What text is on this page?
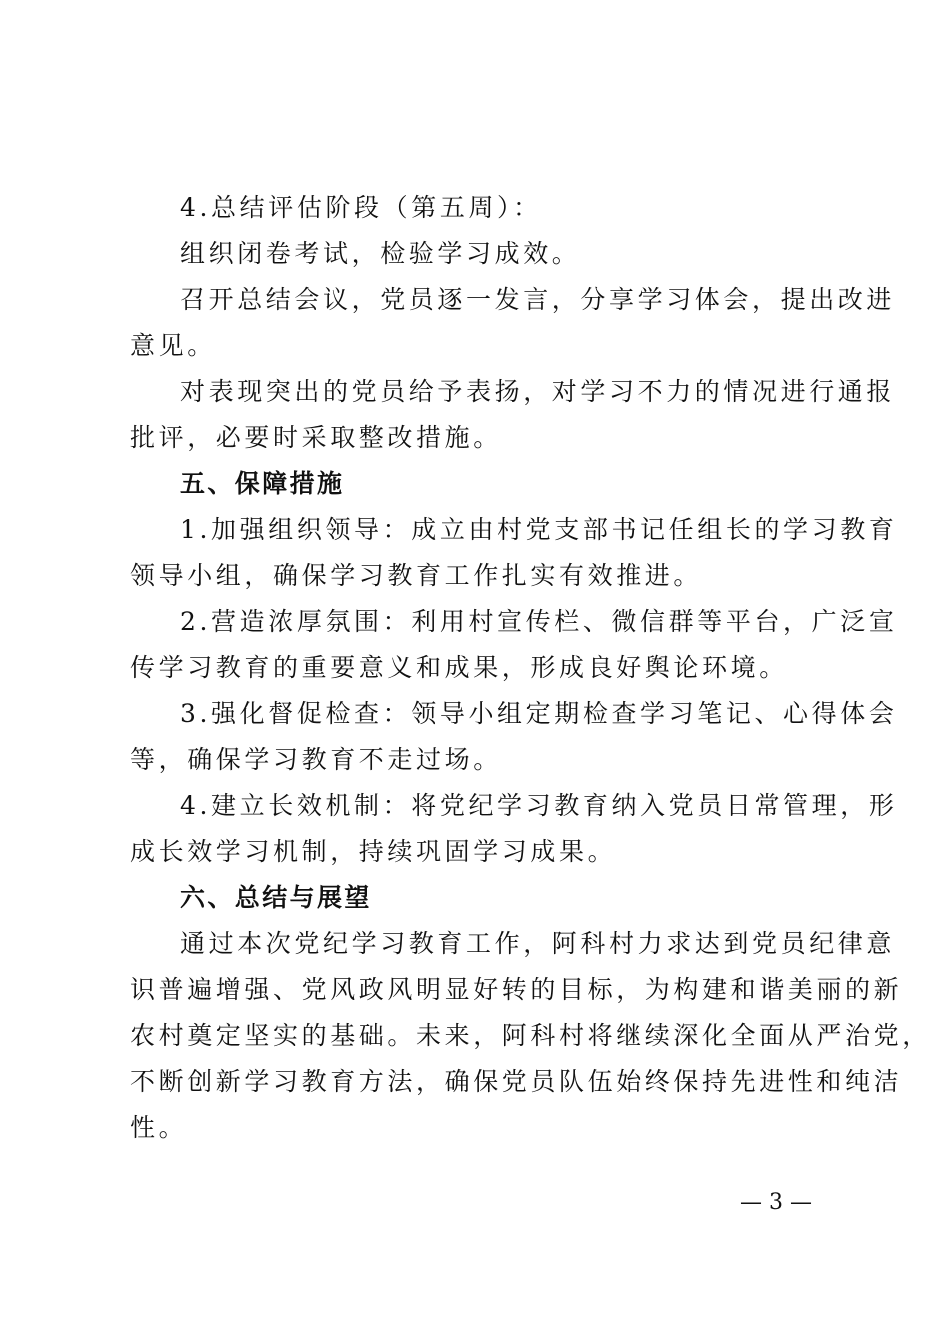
4.总结评估阶段（第五周）：
组织闭卷考试，检验学习成效。
召开总结会议，党员逐一发言，分享学习体会，提出改进
意见。
对表现突出的党员给予表扬，对学习不力的情况进行通报
批评，必要时采取整改措施。
五、保障措施
1.加强组织领导：成立由村党支部书记任组长的学习教育
领导小组，确保学习教育工作扎实有效推进。
2.营造浓厚氛围：利用村宣传栏、微信群等平台，广泛宣
传学习教育的重要意义和成果，形成良好舆论环境。
3.强化督促检查：领导小组定期检查学习笔记、心得体会
等，确保学习教育不走过场。
4.建立长效机制：将党纪学习教育纳入党员日常管理，形
成长效学习机制，持续巩固学习成果。
六、总结与展望
通过本次党纪学习教育工作，阿科村力求达到党员纪律意
识普遍增强、党风政风明显好转的目标，为构建和谐美丽的新
农村奠定坚实的基础。未来，阿科村将继续深化全面从严治党，
不断创新学习教育方法，确保党员队伍始终保持先进性和纯洁
性。
— 3 —
